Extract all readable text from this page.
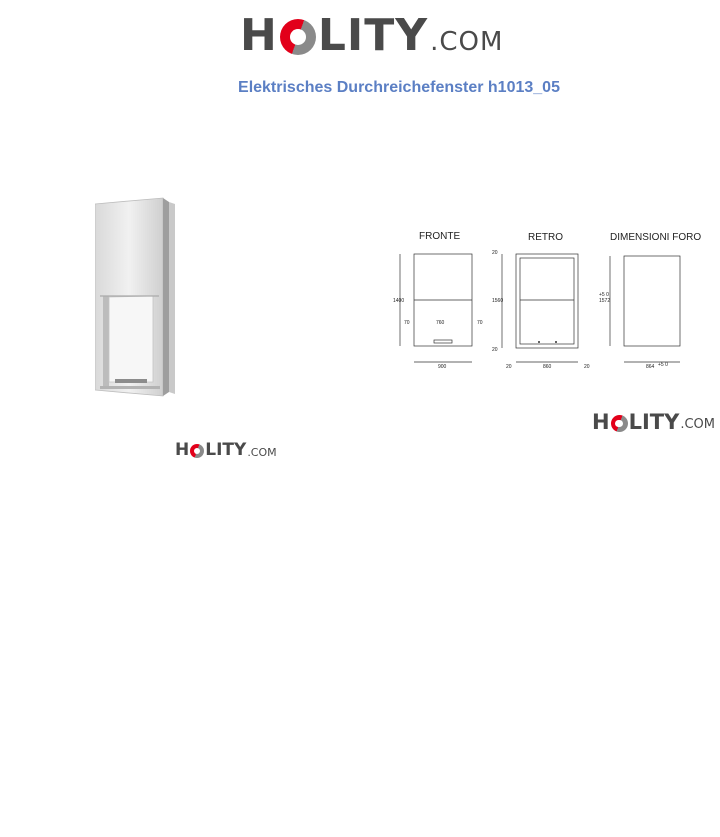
H LITY .COM
Elektrisches Durchreichefenster h1013_05
FRONTE	RETRO	DIMENSIONI FORO
1400
760
70	70
900
20
1560
20
20	860	20
1572
+5 0
864 +5 0
H LITY .COM
H LITY .COM
